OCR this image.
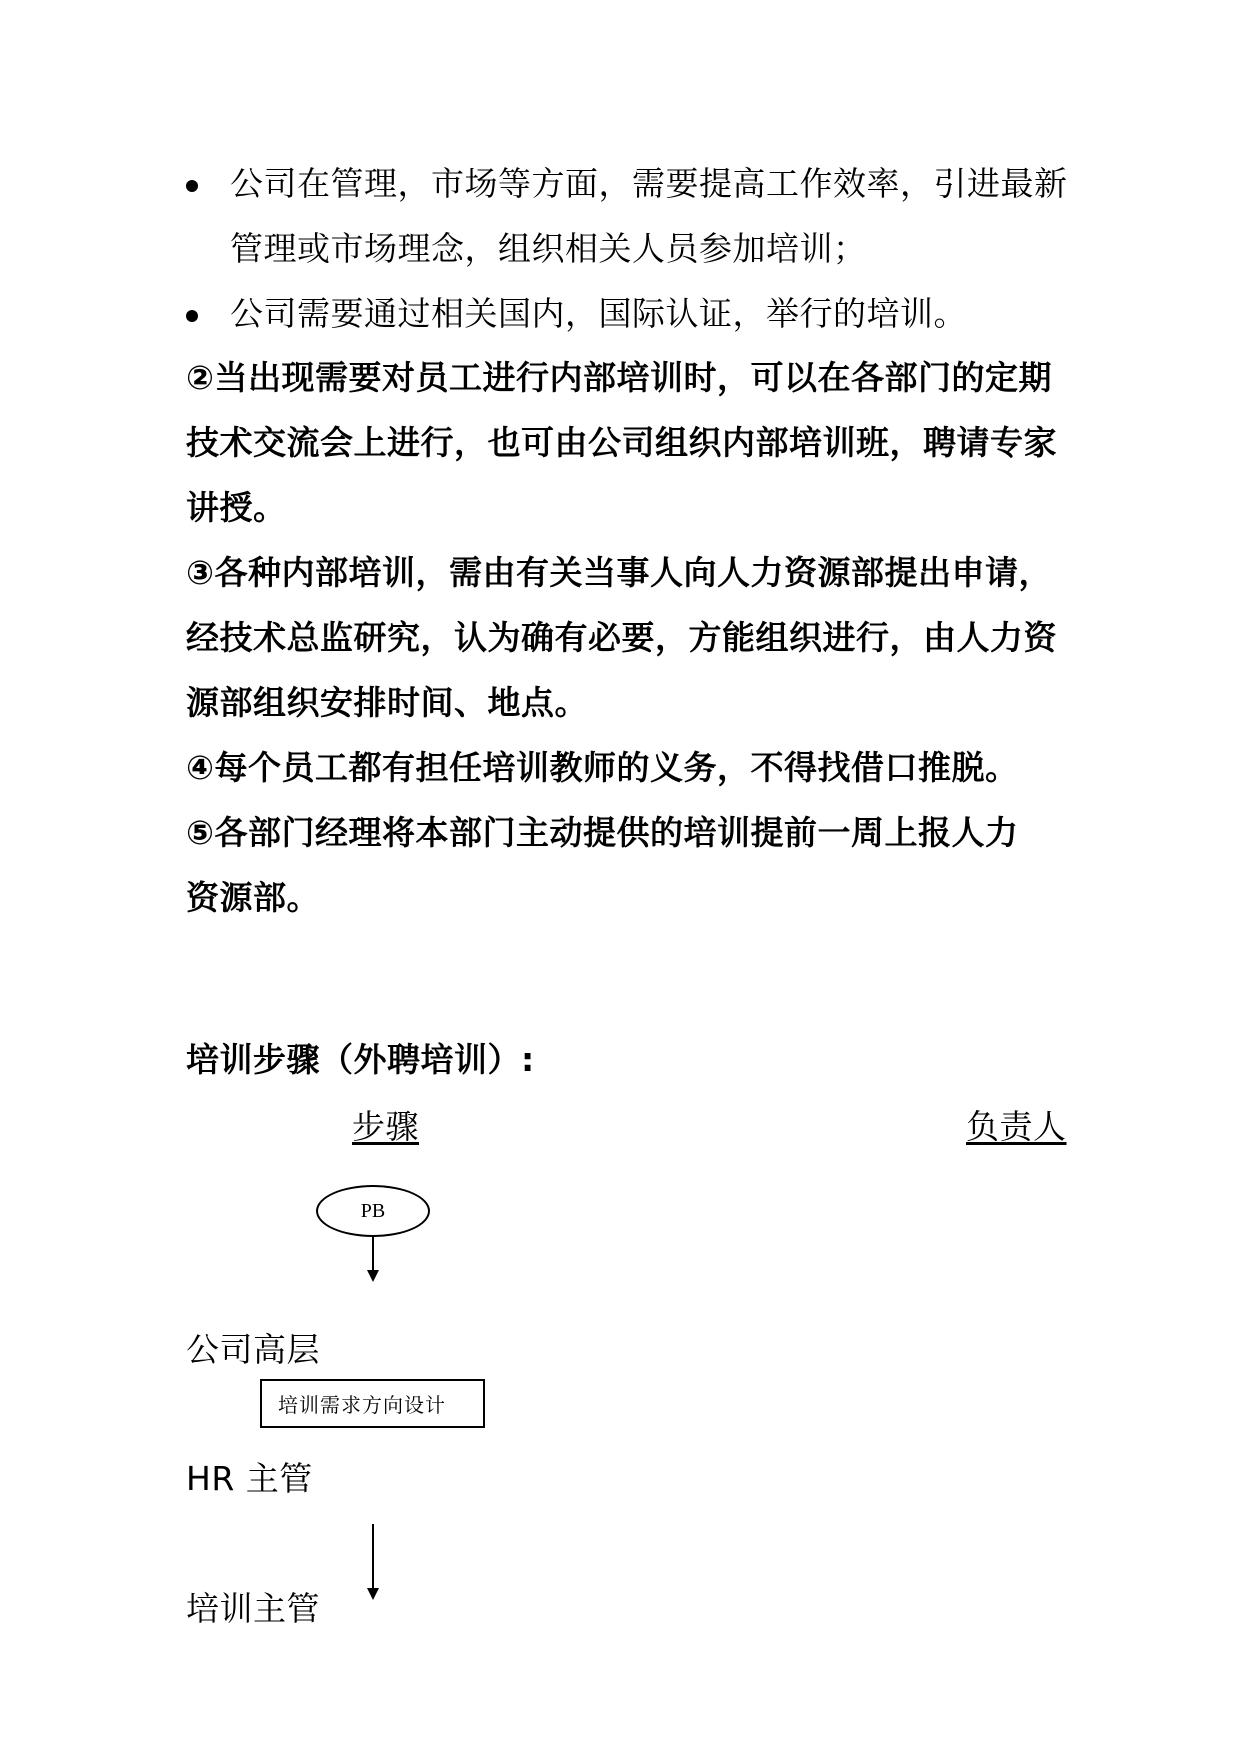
公司在管理，市场等方面，需要提高工作效率，引进最新
管理或市场理念，组织相关人员参加培训；
公司需要通过相关国内，国际认证，举行的培训。
②当出现需要对员工进行内部培训时，可以在各部门的定期
技术交流会上进行，也可由公司组织内部培训班，聘请专家
讲授。
③各种内部培训，需由有关当事人向人力资源部提出申请，
经技术总监研究，认为确有必要，方能组织进行，由人力资
源部组织安排时间、地点。
④每个员工都有担任培训教师的义务，不得找借口推脱。
⑤各部门经理将本部门主动提供的培训提前一周上报人力
资源部。
培训步骤（外聘培训）:
步骤	负责人
PB
公司高层
培训需求方向设计
HR 主管
培训主管
